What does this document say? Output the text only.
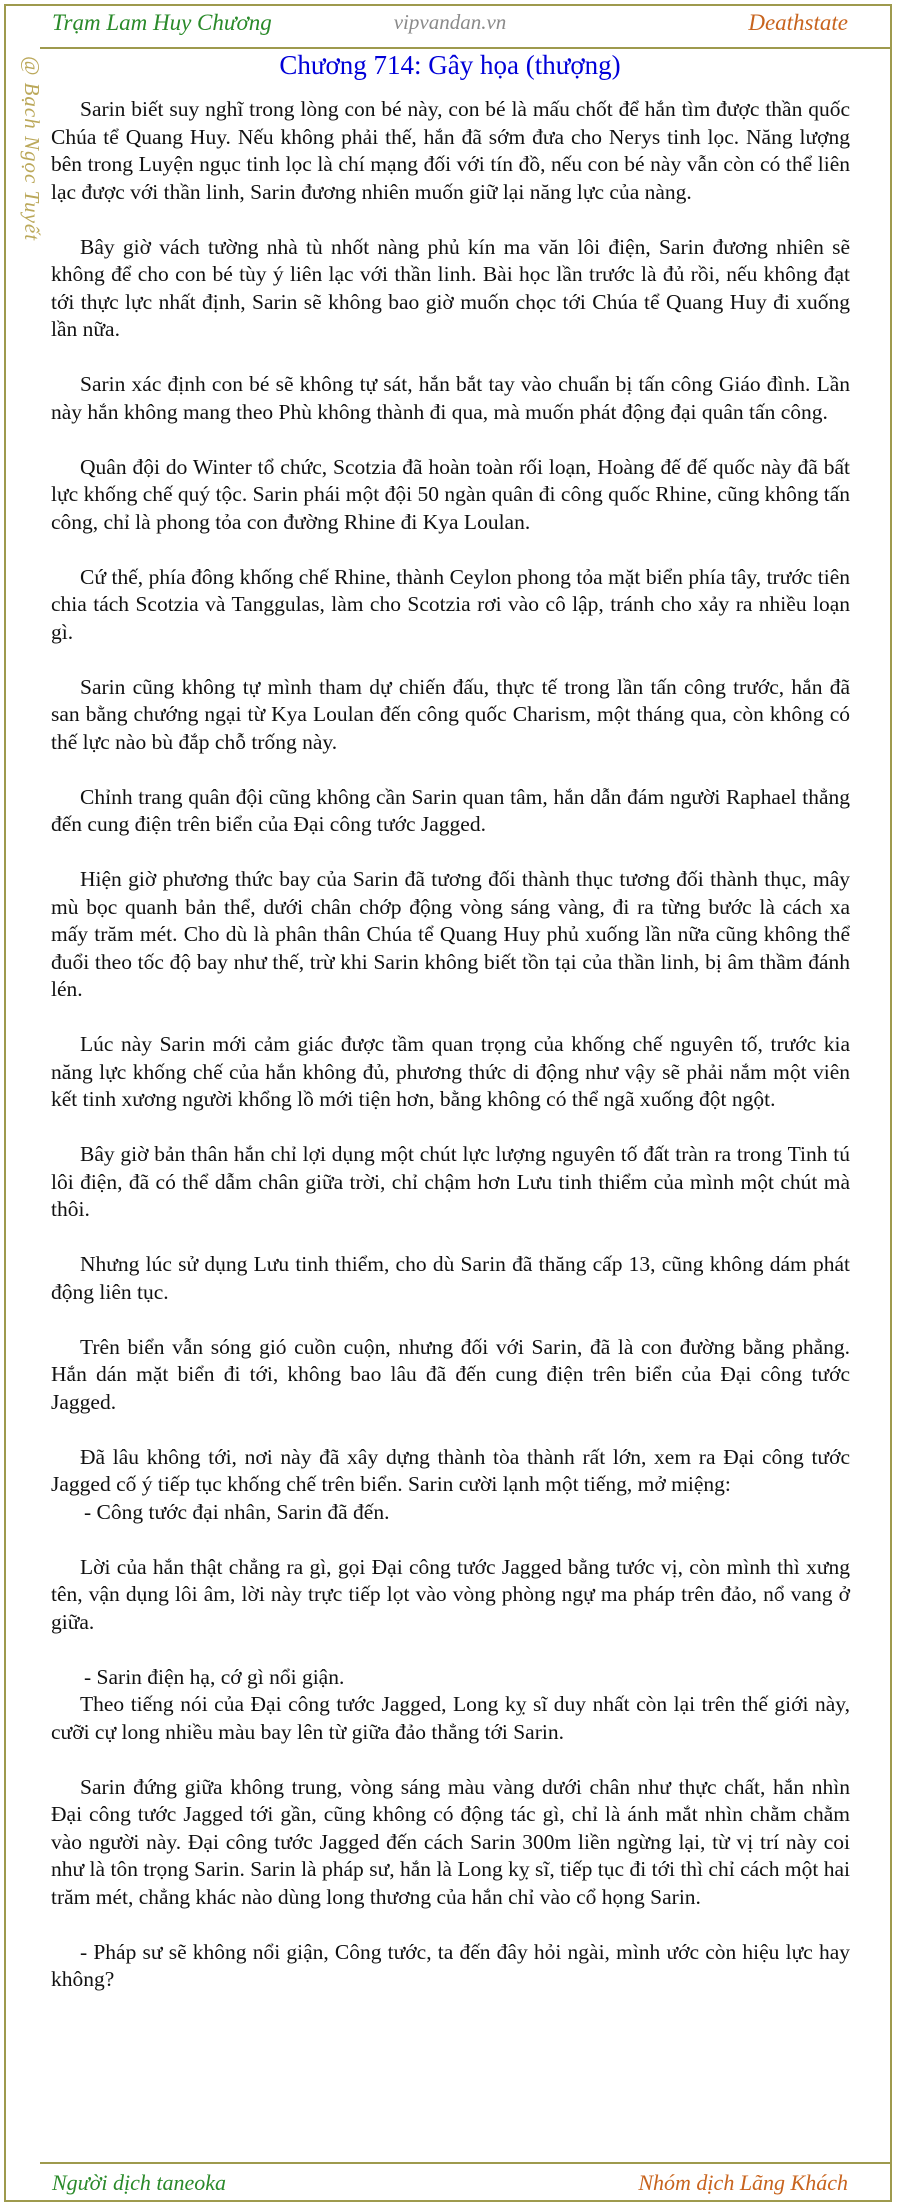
Trạm Lam Huy Chương	vipvandan.vn	Deathstate
@ Bạch Ngọc Tuyết	Chương 714: Gây họa (thượng)

Sarin biết suy nghĩ trong lòng con bé này, con bé là mấu chốt để hắn tìm được thần quốc Chúa tể Quang Huy. Nếu không phải thế, hắn đã sớm đưa cho Nerys tinh lọc. Năng lượng bên trong Luyện ngục tinh lọc là chí mạng đối với tín đồ, nếu con bé này vẫn còn có thể liên lạc được với thần linh, Sarin đương nhiên muốn giữ lại năng lực của nàng.

Bây giờ vách tường nhà tù nhốt nàng phủ kín ma văn lôi điện, Sarin đương nhiên sẽ không để cho con bé tùy ý liên lạc với thần linh. Bài học lần trước là đủ rồi, nếu không đạt tới thực lực nhất định, Sarin sẽ không bao giờ muốn chọc tới Chúa tể Quang Huy đi xuống lần nữa.

Sarin xác định con bé sẽ không tự sát, hắn bắt tay vào chuẩn bị tấn công Giáo đình. Lần này hắn không mang theo Phù không thành đi qua, mà muốn phát động đại quân tấn công.

Quân đội do Winter tổ chức, Scotzia đã hoàn toàn rối loạn, Hoàng đế đế quốc này đã bất lực khống chế quý tộc. Sarin phái một đội 50 ngàn quân đi công quốc Rhine, cũng không tấn công, chỉ là phong tỏa con đường Rhine đi Kya Loulan.

Cứ thế, phía đông khống chế Rhine, thành Ceylon phong tỏa mặt biển phía tây, trước tiên chia tách Scotzia và Tanggulas, làm cho Scotzia rơi vào cô lập, tránh cho xảy ra nhiều loạn gì.

Sarin cũng không tự mình tham dự chiến đấu, thực tế trong lần tấn công trước, hắn đã san bằng chướng ngại từ Kya Loulan đến công quốc Charism, một tháng qua, còn không có thế lực nào bù đắp chỗ trống này.

Chỉnh trang quân đội cũng không cần Sarin quan tâm, hắn dẫn đám người Raphael thẳng đến cung điện trên biển của Đại công tước Jagged.

Hiện giờ phương thức bay của Sarin đã tương đối thành thục tương đối thành thục, mây mù bọc quanh bản thể, dưới chân chớp động vòng sáng vàng, đi ra từng bước là cách xa mấy trăm mét. Cho dù là phân thân Chúa tể Quang Huy phủ xuống lần nữa cũng không thể đuổi theo tốc độ bay như thế, trừ khi Sarin không biết tồn tại của thần linh, bị âm thầm đánh lén.

Lúc này Sarin mới cảm giác được tầm quan trọng của khống chế nguyên tố, trước kia năng lực khống chế của hắn không đủ, phương thức di động như vậy sẽ phải nắm một viên kết tinh xương người khổng lồ mới tiện hơn, bằng không có thể ngã xuống đột ngột.

Bây giờ bản thân hắn chỉ lợi dụng một chút lực lượng nguyên tố đất tràn ra trong Tinh tú lôi điện, đã có thể dẫm chân giữa trời, chỉ chậm hơn Lưu tinh thiểm của mình một chút mà thôi.

Nhưng lúc sử dụng Lưu tinh thiểm, cho dù Sarin đã thăng cấp 13, cũng không dám phát động liên tục.

Trên biển vẫn sóng gió cuồn cuộn, nhưng đối với Sarin, đã là con đường bằng phẳng. Hắn dán mặt biển đi tới, không bao lâu đã đến cung điện trên biển của Đại công tước Jagged.

Đã lâu không tới, nơi này đã xây dựng thành tòa thành rất lớn, xem ra Đại công tước Jagged cố ý tiếp tục khống chế trên biển. Sarin cười lạnh một tiếng, mở miệng:

- Công tước đại nhân, Sarin đã đến.

Lời của hắn thật chẳng ra gì, gọi Đại công tước Jagged bằng tước vị, còn mình thì xưng tên, vận dụng lôi âm, lời này trực tiếp lọt vào vòng phòng ngự ma pháp trên đảo, nổ vang ở giữa.

- Sarin điện hạ, cớ gì nổi giận.

Theo tiếng nói của Đại công tước Jagged, Long kỵ sĩ duy nhất còn lại trên thế giới này, cưỡi cự long nhiều màu bay lên từ giữa đảo thẳng tới Sarin.

Sarin đứng giữa không trung, vòng sáng màu vàng dưới chân như thực chất, hắn nhìn Đại công tước Jagged tới gần, cũng không có động tác gì, chỉ là ánh mắt nhìn chằm chằm vào người này. Đại công tước Jagged đến cách Sarin 300m liền ngừng lại, từ vị trí này coi như là tôn trọng Sarin. Sarin là pháp sư, hắn là Long kỵ sĩ, tiếp tục đi tới thì chỉ cách một hai trăm mét, chẳng khác nào dùng long thương của hắn chỉ vào cổ họng Sarin.

- Pháp sư sẽ không nổi giận, Công tước, ta đến đây hỏi ngài, mình ước còn hiệu lực hay không?

Người dịch taneoka	Nhóm dịch Lãng Khách
